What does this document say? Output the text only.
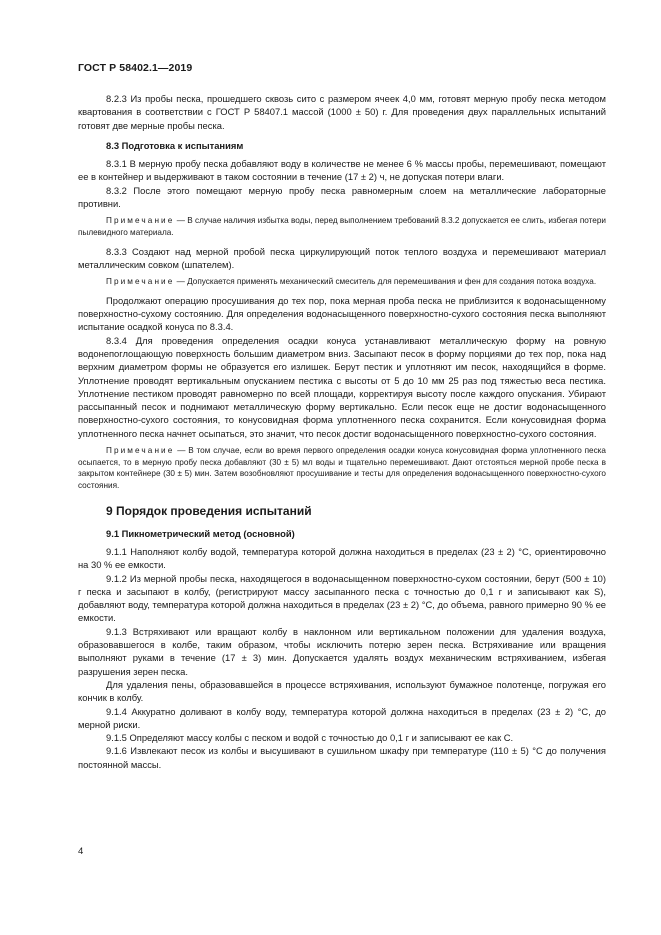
ГОСТ Р 58402.1—2019

8.2.3 Из пробы песка, прошедшего сквозь сито с размером ячеек 4,0 мм, готовят мерную пробу песка методом квартования в соответствии с ГОСТ Р 58407.1 массой (1000 ± 50) г. Для проведения двух параллельных испытаний готовят две мерные пробы песка.

8.3 Подготовка к испытаниям

8.3.1 В мерную пробу песка добавляют воду в количестве не менее 6 % массы пробы, перемешивают, помещают ее в контейнер и выдерживают в таком состоянии в течение (17 ± 2) ч, не допуская потери влаги.

8.3.2 После этого помещают мерную пробу песка равномерным слоем на металлические лабораторные противни.

Примечание — В случае наличия избытка воды, перед выполнением требований 8.3.2 допускается ее слить, избегая потери пылевидного материала.

8.3.3 Создают над мерной пробой песка циркулирующий поток теплого воздуха и перемешивают материал металлическим совком (шпателем).

Примечание — Допускается применять механический смеситель для перемешивания и фен для создания потока воздуха.

Продолжают операцию просушивания до тех пор, пока мерная проба песка не приблизится к водонасыщенному поверхностно-сухому состоянию. Для определения водонасыщенного поверхностно-сухого состояния песка выполняют испытание осадкой конуса по 8.3.4.

8.3.4 Для проведения определения осадки конуса устанавливают металлическую форму на ровную водонепоглощающую поверхность большим диаметром вниз. Засыпают песок в форму порциями до тех пор, пока над верхним диаметром формы не образуется его излишек. Берут пестик и уплотняют им песок, находящийся в форме. Уплотнение проводят вертикальным опусканием пестика с высоты от 5 до 10 мм 25 раз под тяжестью веса пестика. Уплотнение пестиком проводят равномерно по всей площади, корректируя высоту после каждого опускания. Убирают рассыпанный песок и поднимают металлическую форму вертикально. Если песок еще не достиг водонасыщенного поверхностно-сухого состояния, то конусовидная форма уплотненного песка сохранится. Если конусовидная форма уплотненного песка начнет осыпаться, это значит, что песок достиг водонасыщенного поверхностно-сухого состояния.

Примечание — В том случае, если во время первого определения осадки конуса конусовидная форма уплотненного песка осыпается, то в мерную пробу песка добавляют (30 ± 5) мл воды и тщательно перемешивают. Дают отстояться мерной пробе песка в закрытом контейнере (30 ± 5) мин. Затем возобновляют просушивание и тесты для определения водонасыщенного поверхностно-сухого состояния.

9 Порядок проведения испытаний

9.1 Пикнометрический метод (основной)

9.1.1 Наполняют колбу водой, температура которой должна находиться в пределах (23 ± 2) °С, ориентировочно на 30 % ее емкости.

9.1.2 Из мерной пробы песка, находящегося в водонасыщенном поверхностно-сухом состоянии, берут (500 ± 10) г песка и засыпают в колбу, (регистрируют массу засыпанного песка с точностью до 0,1 г и записывают как S), добавляют воду, температура которой должна находиться в пределах (23 ± 2) °С, до объема, равного примерно 90 % ее емкости.

9.1.3 Встряхивают или вращают колбу в наклонном или вертикальном положении для удаления воздуха, образовавшегося в колбе, таким образом, чтобы исключить потерю зерен песка. Встряхивание или вращения выполняют руками в течение (17 ± 3) мин. Допускается удалять воздух механическим встряхиванием, избегая разрушения зерен песка.

Для удаления пены, образовавшейся в процессе встряхивания, используют бумажное полотенце, погружая его кончик в колбу.

9.1.4 Аккуратно доливают в колбу воду, температура которой должна находиться в пределах (23 ± 2) °С, до мерной риски.

9.1.5 Определяют массу колбы с песком и водой с точностью до 0,1 г и записывают ее как С.

9.1.6 Извлекают песок из колбы и высушивают в сушильном шкафу при температуре (110 ± 5) °С до получения постоянной массы.

4
